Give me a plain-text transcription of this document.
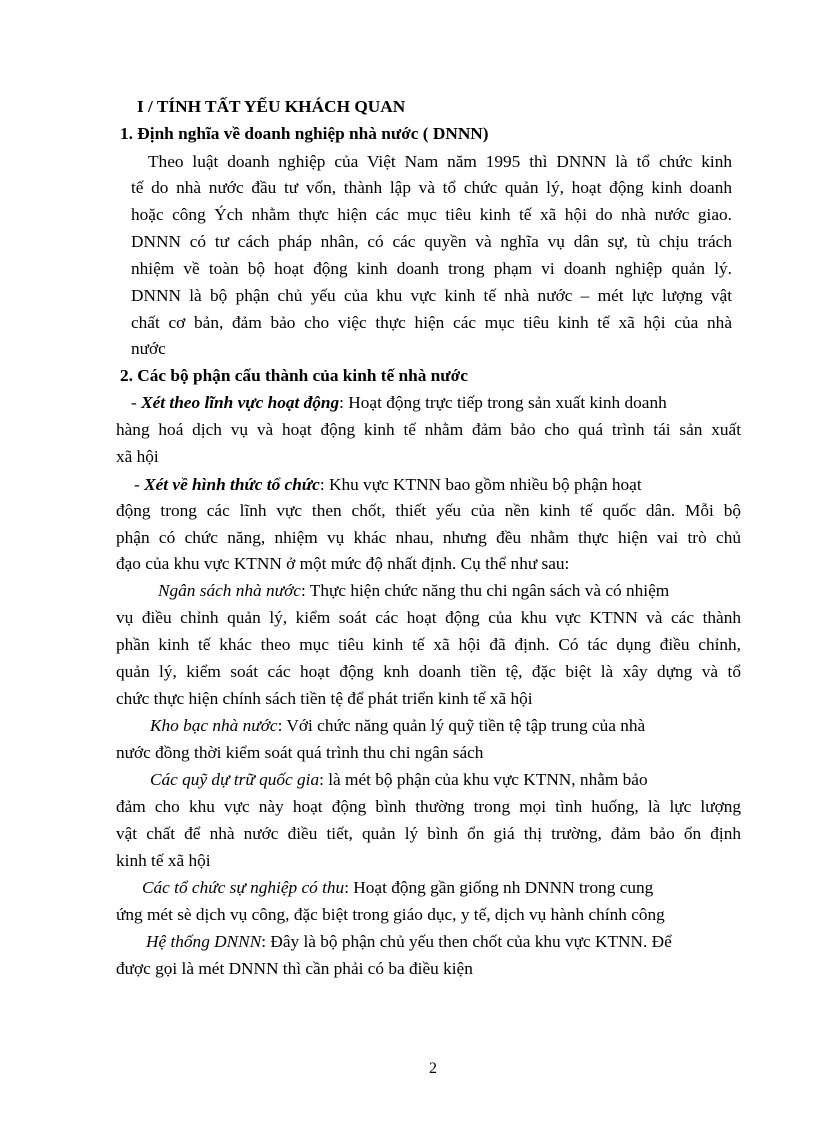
I / TÍNH TẤT YẾU KHÁCH QUAN
1. Định nghĩa về doanh nghiệp nhà nước ( DNNN)
Theo luật doanh nghiệp của Việt Nam năm 1995 thì DNNN là tổ chức kinh
tế do nhà nước đầu tư vốn, thành lập và tổ chức quản lý, hoạt động kinh doanh
hoặc công Ých nhằm thực hiện các mục tiêu kinh tế xã hội do nhà nước giao.
DNNN có tư cách pháp nhân, có các quyền và nghĩa vụ dân sự, tù chịu trách
nhiệm về toàn bộ hoạt động kinh doanh trong phạm vi doanh nghiệp quản lý.
DNNN là bộ phận chủ yếu của khu vực kinh tế nhà nước – mét lực lượng vật
chất cơ bản, đảm bảo cho việc thực hiện các mục tiêu kinh tế xã hội của nhà
nước
2. Các bộ phận cấu thành của kinh tế nhà nước
- Xét theo lĩnh vực hoạt động: Hoạt động trực tiếp trong sản xuất kinh doanh
hàng hoá dịch vụ và hoạt động kinh tế nhằm đảm bảo cho quá trình tái sản xuất
xã hội
- Xét về hình thức tổ chức: Khu vực KTNN bao gồm nhiều bộ phận hoạt
động trong các lĩnh vực then chốt, thiết yếu của nền kinh tế quốc dân. Mỗi bộ
phận có chức năng, nhiệm vụ khác nhau, nhưng đều nhằm thực hiện vai trò chủ
đạo của khu vực KTNN ở một mức độ nhất định. Cụ thể như sau:
Ngân sách nhà nước: Thực hiện chức năng thu chi ngân sách và có nhiệm
vụ điều chỉnh quản lý, kiểm soát các hoạt động của khu vực KTNN và các thành
phần kinh tế khác theo mục tiêu kinh tế xã hội đã định. Có tác dụng điều chỉnh,
quản lý, kiểm soát các hoạt động knh doanh tiền tệ, đặc biệt là xây dựng và tổ
chức thực hiện chính sách tiền tệ để phát triển kinh tế xã hội
Kho bạc nhà nước: Với chức năng quản lý quỹ tiền tệ tập trung của nhà
nước đồng thời kiểm soát quá trình thu chi ngân sách
Các quỹ dự trữ quốc gia: là mét bộ phận của khu vực KTNN, nhằm bảo
đảm cho khu vực này hoạt động bình thường trong mọi tình huống, là lực lượng
vật chất để nhà nước điều tiết, quản lý bình ổn giá thị trường, đảm bảo ổn định
kinh tế xã hội
Các tổ chức sự nghiệp có thu: Hoạt động gần giống nh DNNN trong cung
ứng mét sè dịch vụ công, đặc biệt trong giáo dục, y tế, dịch vụ hành chính công
Hệ thống DNNN: Đây là bộ phận chủ yếu then chốt của khu vực KTNN. Để
được gọi là mét DNNN thì cần phải có ba điều kiện
2
